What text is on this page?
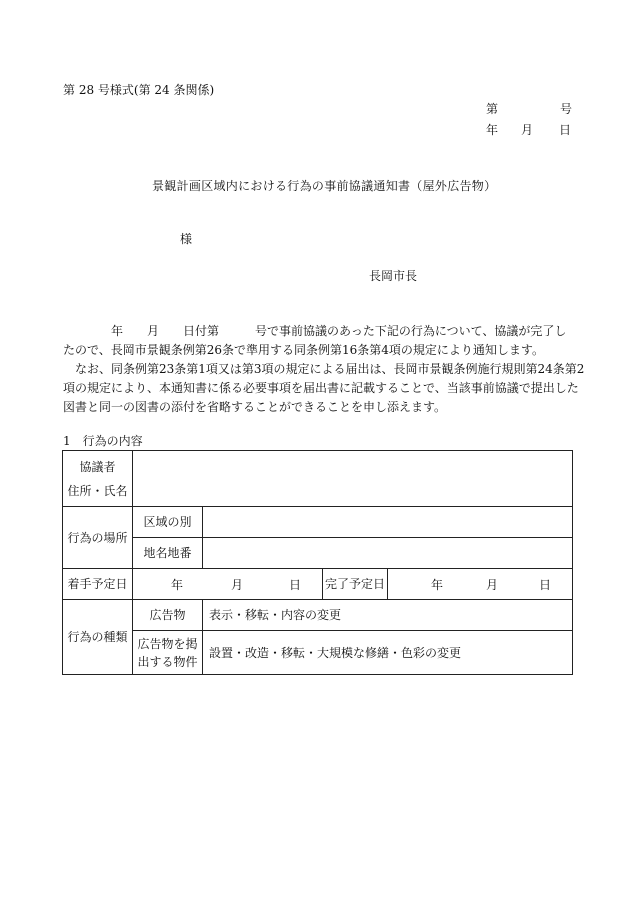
第 28 号様式(第 24 条関係)
第	号
年 月 日
景観計画区域内における行為の事前協議通知書（屋外広告物）
様
長岡市長

　　　　年　　月　　日付第　　　号で事前協議のあった下記の行為について、協議が完了し

たので、長岡市景観条例第26条で準用する同条例第16条第4項の規定により通知します。

　なお、同条例第23条第1項又は第3項の規定による届出は、長岡市景観条例施行規則第24条第2

項の規定により、本通知書に係る必要事項を届出書に記載することで、当該事前協議で提出した

図書と同一の図書の添付を省略することができることを申し添えます。

1　行為の内容
協議者
住所・氏名				

行為の場所	区域の別			
	地名地番			
着手予定日	年 月 日		完了予定日	年 月 日

行為の種類	広告物	表示・移転・内容の変更		
	広告物を掲出する物件	設置・改造・移転・大規模な修繕・色彩の変更		
